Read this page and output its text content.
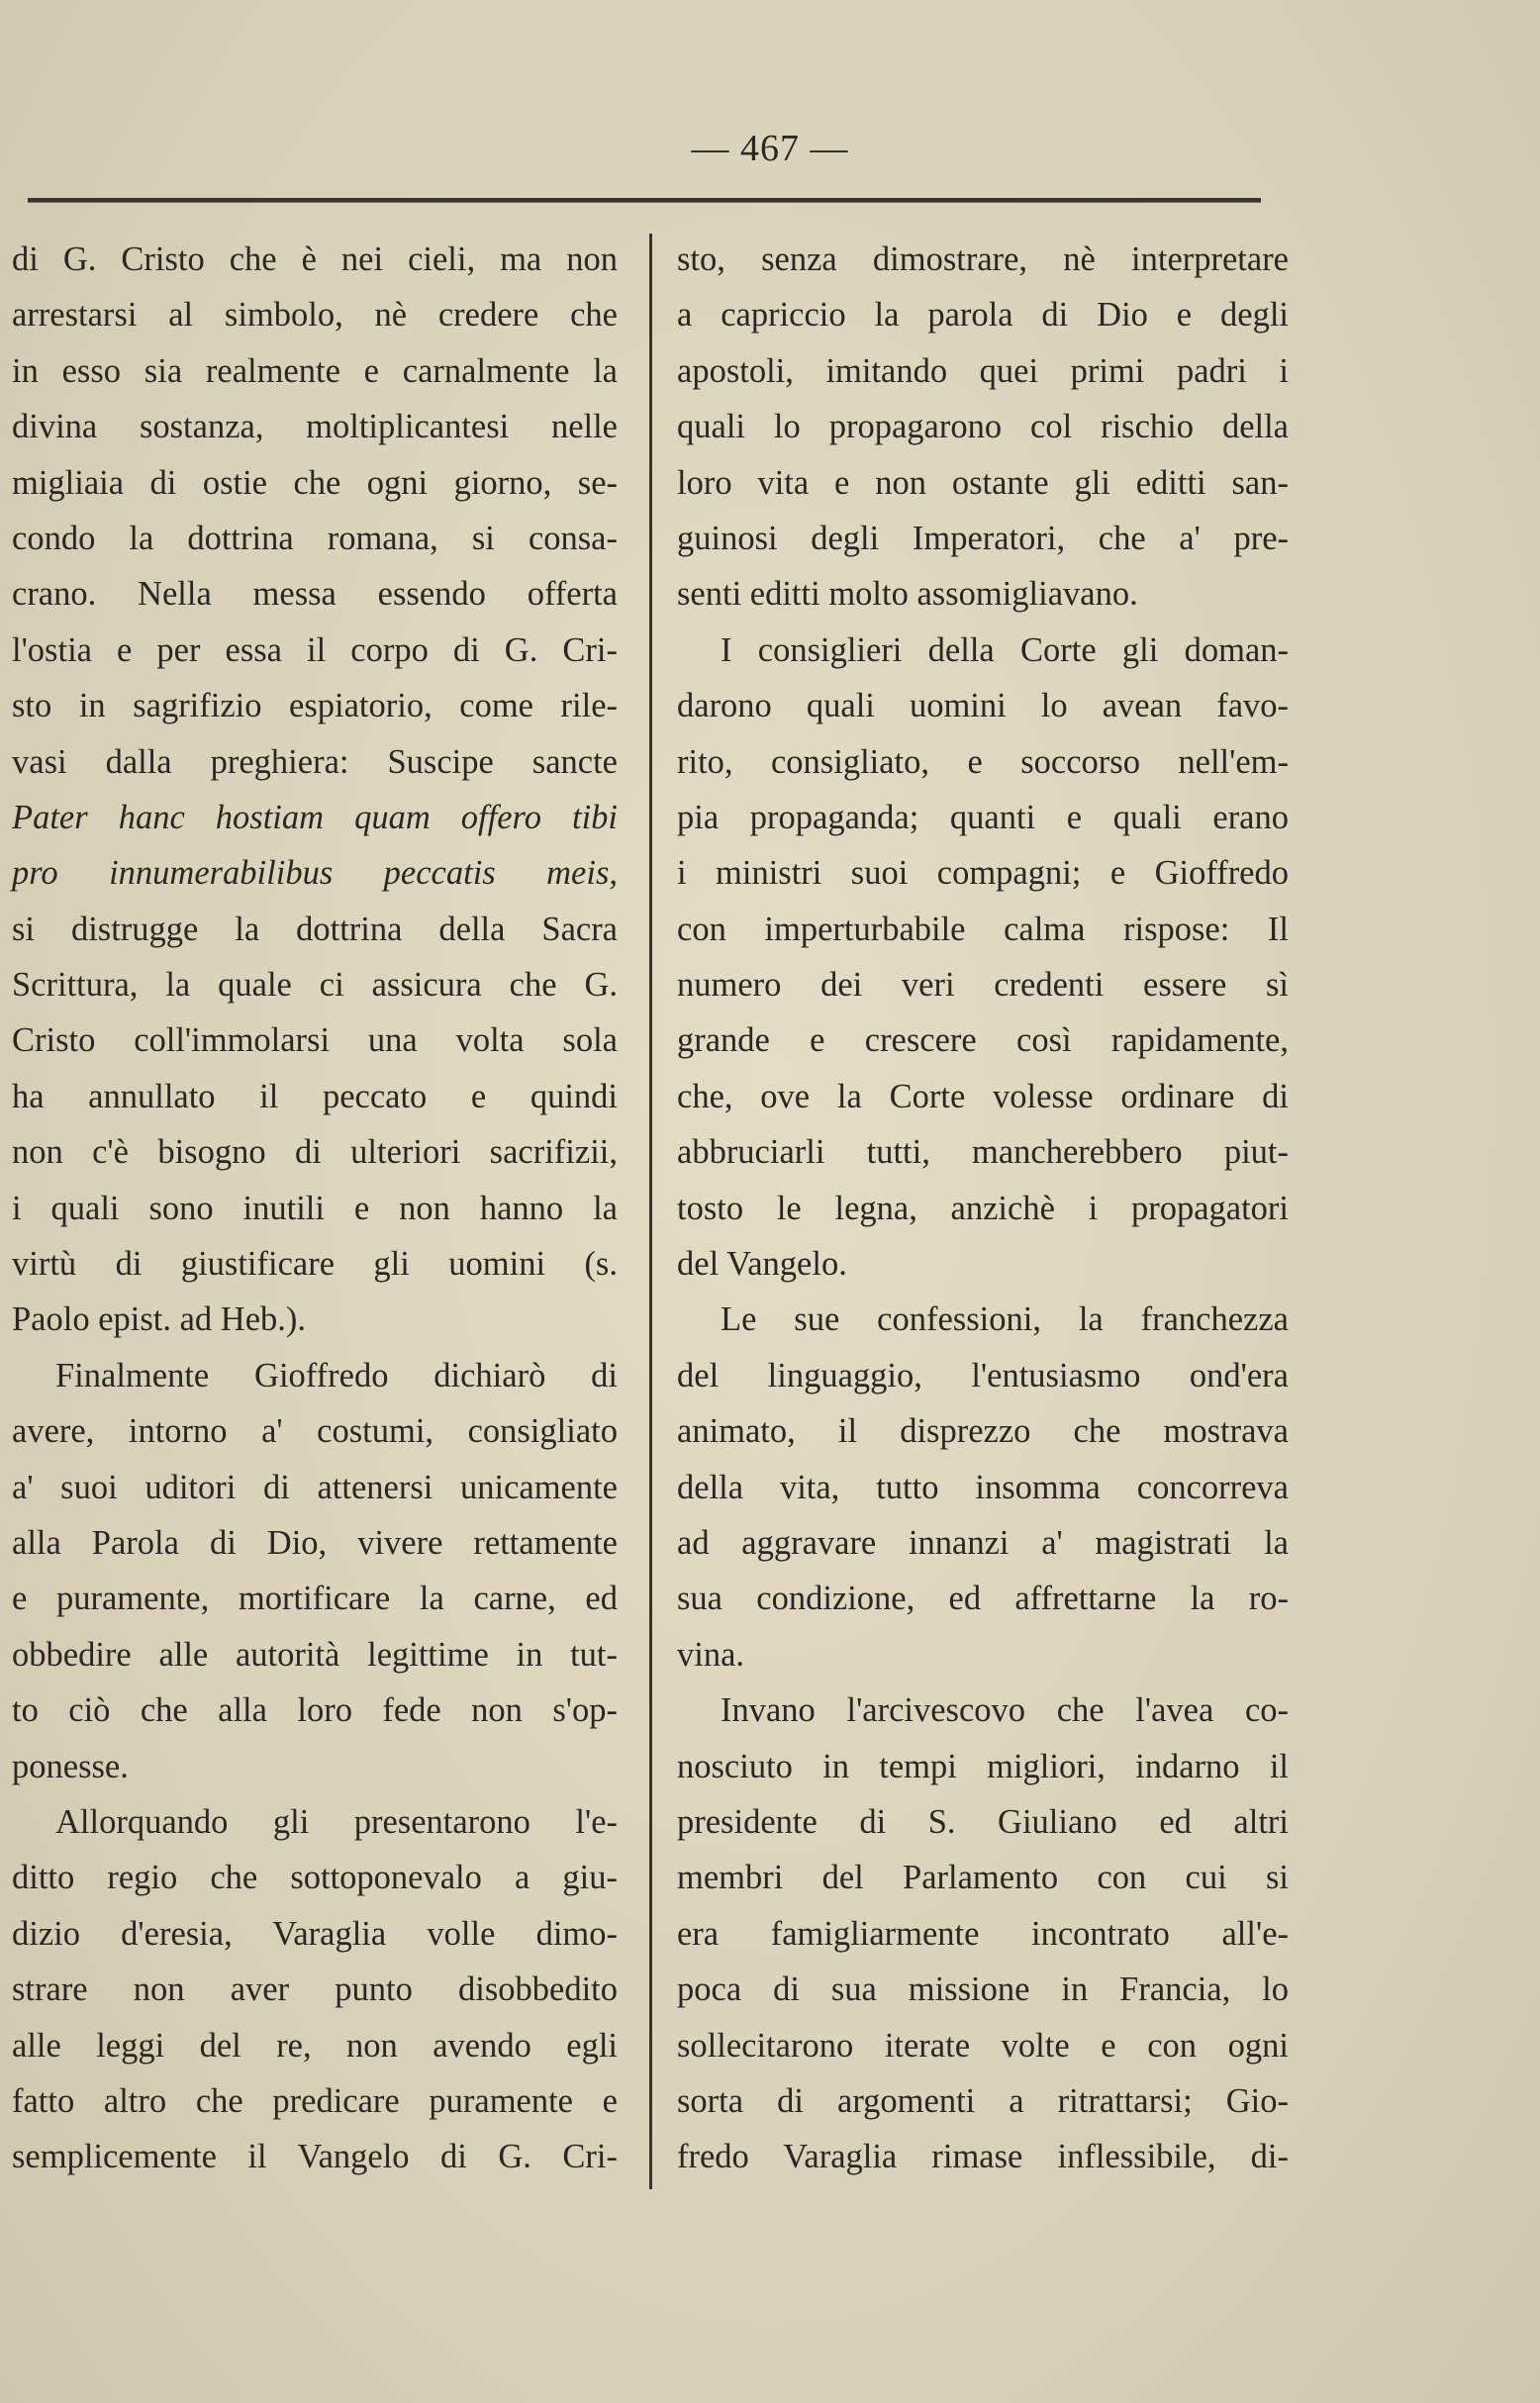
— 467 —
di G. Cristo che è nei cieli, ma non
arrestarsi al simbolo, nè credere che
in esso sia realmente e carnalmente la
divina sostanza, moltiplicantesi nelle
migliaia di ostie che ogni giorno, se-
condo la dottrina romana, si consa-
crano. Nella messa essendo offerta
l'ostia e per essa il corpo di G. Cri-
sto in sagrifizio espiatorio, come rile-
vasi dalla preghiera: Suscipe sancte
Pater hanc hostiam quam offero tibi
pro innumerabilibus peccatis meis,
si distrugge la dottrina della Sacra
Scrittura, la quale ci assicura che G.
Cristo coll'immolarsi una volta sola
ha annullato il peccato e quindi
non c'è bisogno di ulteriori sacrifizii,
i quali sono inutili e non hanno la
virtù di giustificare gli uomini (s.
Paolo epist. ad Heb.).
Finalmente Gioffredo dichiarò di
avere, intorno a' costumi, consigliato
a' suoi uditori di attenersi unicamente
alla Parola di Dio, vivere rettamente
e puramente, mortificare la carne, ed
obbedire alle autorità legittime in tut-
to ciò che alla loro fede non s'op-
ponesse.
Allorquando gli presentarono l'e-
ditto regio che sottoponevalo a giu-
dizio d'eresia, Varaglia volle dimo-
strare non aver punto disobbedito
alle leggi del re, non avendo egli
fatto altro che predicare puramente e
semplicemente il Vangelo di G. Cri-
sto, senza dimostrare, nè interpretare
a capriccio la parola di Dio e degli
apostoli, imitando quei primi padri i
quali lo propagarono col rischio della
loro vita e non ostante gli editti san-
guinosi degli Imperatori, che a' pre-
senti editti molto assomigliavano.
I consiglieri della Corte gli doman-
darono quali uomini lo avean favo-
rito, consigliato, e soccorso nell'em-
pia propaganda; quanti e quali erano
i ministri suoi compagni; e Gioffredo
con imperturbabile calma rispose: Il
numero dei veri credenti essere sì
grande e crescere così rapidamente,
che, ove la Corte volesse ordinare di
abbruciarli tutti, mancherebbero piut-
tosto le legna, anzichè i propagatori
del Vangelo.
Le sue confessioni, la franchezza
del linguaggio, l'entusiasmo ond'era
animato, il disprezzo che mostrava
della vita, tutto insomma concorreva
ad aggravare innanzi a' magistrati la
sua condizione, ed affrettarne la ro-
vina.
Invano l'arcivescovo che l'avea co-
nosciuto in tempi migliori, indarno il
presidente di S. Giuliano ed altri
membri del Parlamento con cui si
era famigliarmente incontrato all'e-
poca di sua missione in Francia, lo
sollecitarono iterate volte e con ogni
sorta di argomenti a ritrattarsi; Gio-
fredo Varaglia rimase inflessibile, di-
